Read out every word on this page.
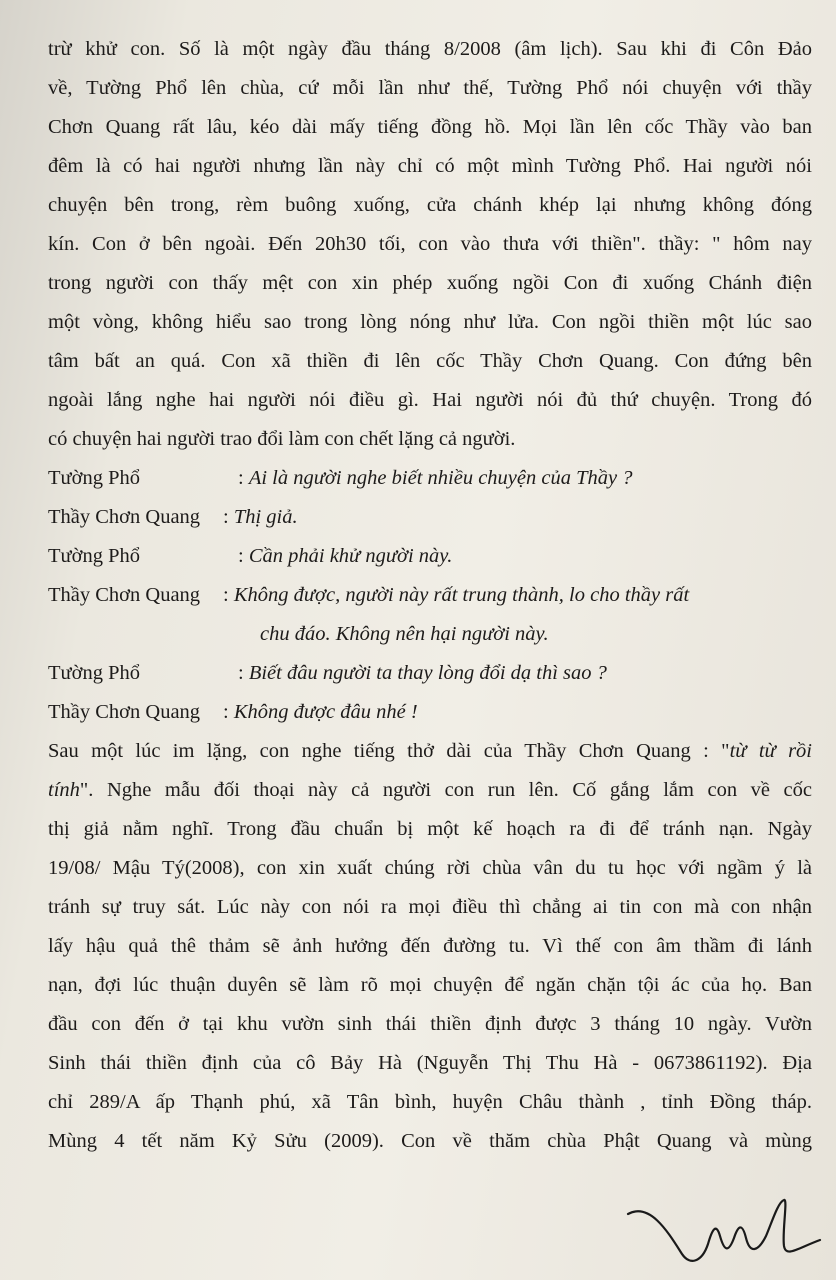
trừ khử con. Số là một ngày đầu tháng 8/2008 (âm lịch). Sau khi đi Côn Đảo
về, Tường Phổ lên chùa, cứ mỗi lần như thế, Tường Phổ nói chuyện với thầy
Chơn Quang rất lâu, kéo dài mấy tiếng đồng hồ. Mọi lần lên cốc Thầy vào ban
đêm là có hai người nhưng lần này chỉ có một mình Tường Phổ. Hai người nói
chuyện bên trong, rèm buông xuống, cửa chánh khép lại nhưng không đóng
kín. Con ở bên ngoài. Đến 20h30 tối, con vào thưa với thiền". thầy: " hôm nay
trong người con thấy mệt con xin phép xuống ngồi Con đi xuống Chánh điện
một vòng, không hiểu sao trong lòng nóng như lửa. Con ngồi thiền một lúc sao
tâm bất an quá. Con xã thiền đi lên cốc Thầy Chơn Quang. Con đứng bên
ngoài lắng nghe hai người nói điều gì. Hai người nói đủ thứ chuyện. Trong đó
có chuyện hai người trao đổi làm con chết lặng cả người.
Tường Phổ	: Ai là người nghe biết nhiều chuyện của Thầy ?
Thầy Chơn Quang : Thị giả.
Tường Phổ	: Cần phải khử người này.
Thầy Chơn Quang : Không được, người này rất trung thành, lo cho thầy rất
chu đáo. Không nên hại người này.
Tường Phổ	: Biết đâu người ta thay lòng đổi dạ thì sao ?
Thầy Chơn Quang : Không được đâu nhé !
Sau một lúc im lặng, con nghe tiếng thở dài của Thầy Chơn Quang : "từ từ rồi
tính". Nghe mẫu đối thoại này cả người con run lên. Cố gắng lắm con về cốc
thị giả nằm nghĩ. Trong đầu chuẩn bị một kế hoạch ra đi để tránh nạn. Ngày
19/08/ Mậu Tý(2008), con xin xuất chúng rời chùa vân du tu học với ngầm ý là
tránh sự truy sát. Lúc này con nói ra mọi điều thì chẳng ai tin con mà con nhận
lấy hậu quả thê thảm sẽ ảnh hưởng đến đường tu. Vì thế con âm thầm đi lánh
nạn, đợi lúc thuận duyên sẽ làm rõ mọi chuyện để ngăn chặn tội ác của họ. Ban
đầu con đến ở tại khu vườn sinh thái thiền định được 3 tháng 10 ngày. Vườn
Sinh thái thiền định của cô Bảy Hà (Nguyễn Thị Thu Hà - 0673861192). Địa
chỉ 289/A ấp Thạnh phú, xã Tân bình, huyện Châu thành , tỉnh Đồng tháp.
Mùng 4 tết năm Kỷ Sửu (2009). Con về thăm chùa Phật Quang và mùng
